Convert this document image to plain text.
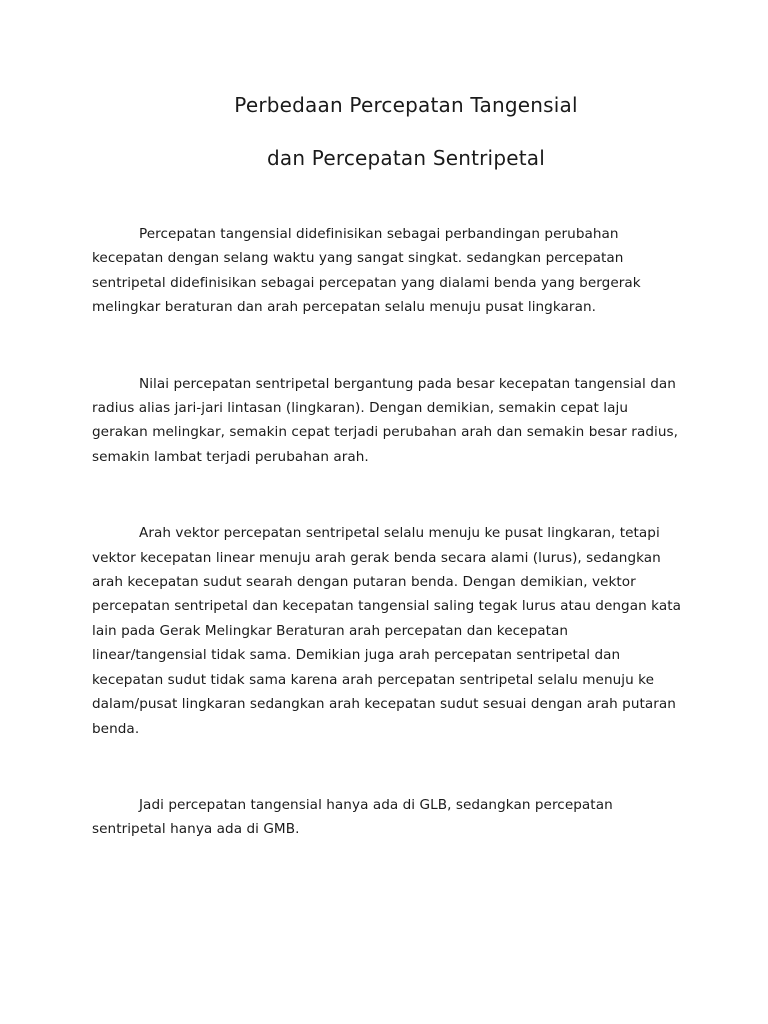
Perbedaan Percepatan Tangensial
dan Percepatan Sentripetal

Percepatan tangensial didefinisikan sebagai perbandingan perubahan kecepatan dengan selang waktu yang sangat singkat. sedangkan percepatan sentripetal didefinisikan sebagai percepatan yang dialami benda yang bergerak melingkar beraturan dan arah percepatan selalu menuju pusat lingkaran.

Nilai percepatan sentripetal bergantung pada besar kecepatan tangensial dan radius alias jari-jari lintasan (lingkaran). Dengan demikian, semakin cepat laju gerakan melingkar, semakin cepat terjadi perubahan arah dan semakin besar radius, semakin lambat terjadi perubahan arah.

Arah vektor percepatan sentripetal selalu menuju ke pusat lingkaran, tetapi vektor kecepatan linear menuju arah gerak benda secara alami (lurus), sedangkan arah kecepatan sudut searah dengan putaran benda. Dengan demikian, vektor percepatan sentripetal dan kecepatan tangensial saling tegak lurus atau dengan kata lain pada Gerak Melingkar Beraturan arah percepatan dan kecepatan linear/tangensial tidak sama. Demikian juga arah percepatan sentripetal dan kecepatan sudut tidak sama karena arah percepatan sentripetal selalu menuju ke dalam/pusat lingkaran sedangkan arah kecepatan sudut sesuai dengan arah putaran benda.

Jadi percepatan tangensial hanya ada di GLB, sedangkan percepatan sentripetal hanya ada di GMB.
